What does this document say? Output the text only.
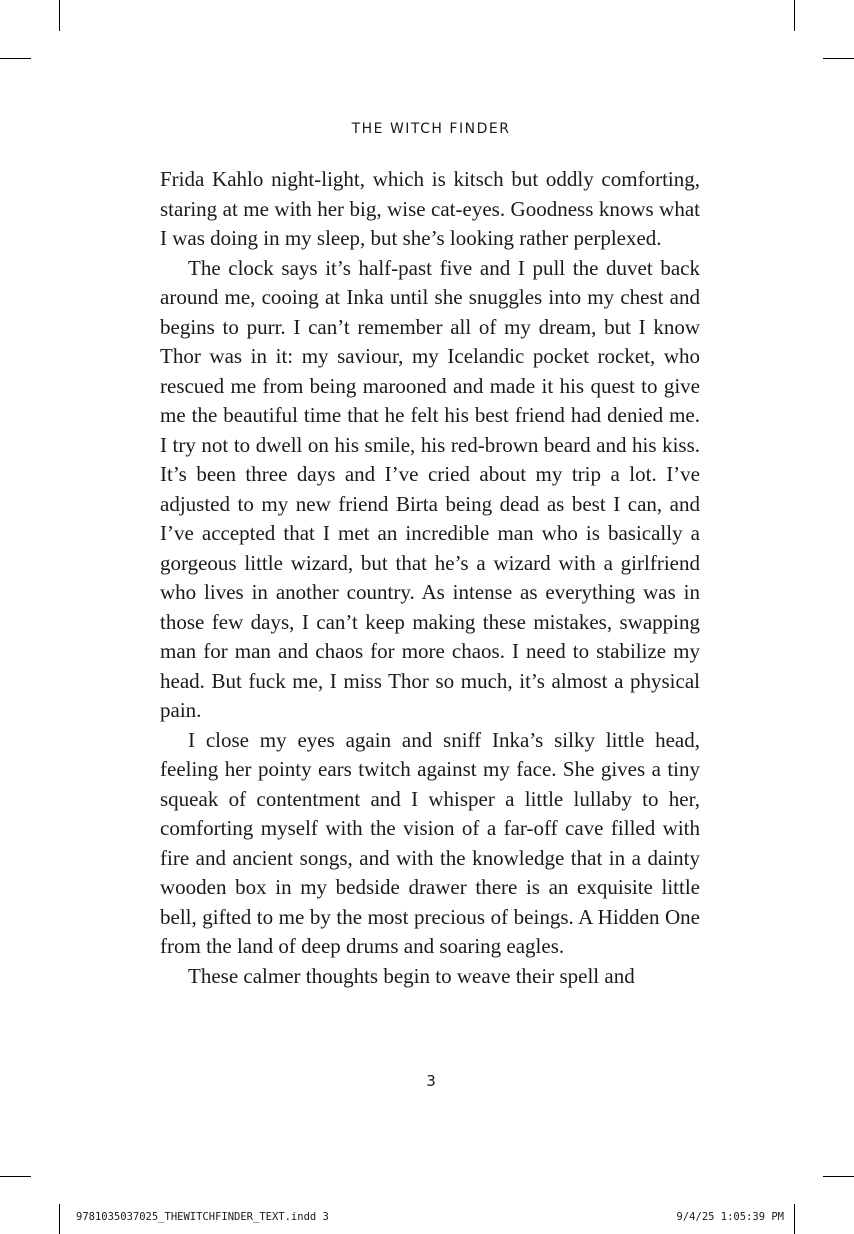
THE WITCH FINDER

Frida Kahlo night-light, which is kitsch but oddly comforting, staring at me with her big, wise cat-eyes. Goodness knows what I was doing in my sleep, but she’s looking rather perplexed.

The clock says it’s half-past five and I pull the duvet back around me, cooing at Inka until she snuggles into my chest and begins to purr. I can’t remember all of my dream, but I know Thor was in it: my saviour, my Icelandic pocket rocket, who rescued me from being marooned and made it his quest to give me the beautiful time that he felt his best friend had denied me. I try not to dwell on his smile, his red-brown beard and his kiss. It’s been three days and I’ve cried about my trip a lot. I’ve adjusted to my new friend Birta being dead as best I can, and I’ve accepted that I met an incredible man who is basically a gorgeous little wizard, but that he’s a wizard with a girlfriend who lives in another country. As intense as everything was in those few days, I can’t keep making these mistakes, swapping man for man and chaos for more chaos. I need to stabilize my head. But fuck me, I miss Thor so much, it’s almost a physical pain.

I close my eyes again and sniff Inka’s silky little head, feeling her pointy ears twitch against my face. She gives a tiny squeak of contentment and I whisper a little lullaby to her, comforting myself with the vision of a far-off cave filled with fire and ancient songs, and with the knowledge that in a dainty wooden box in my bedside drawer there is an exquisite little bell, gifted to me by the most precious of beings. A Hidden One from the land of deep drums and soaring eagles.

These calmer thoughts begin to weave their spell and

3
9781035037025_THEWITCHFINDER_TEXT.indd 3	9/4/25 1:05:39 PM
